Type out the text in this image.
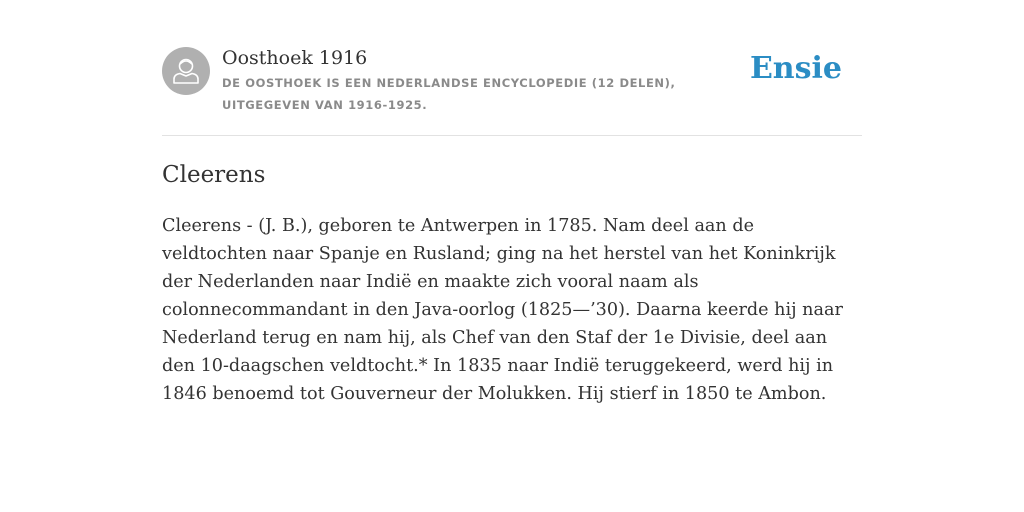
Oosthoek 1916
DE OOSTHOEK IS EEN NEDERLANDSE ENCYCLOPEDIE (12 DELEN), UITGEGEVEN VAN 1916-1925.
Ensie
Cleerens

Cleerens - (J. B.), geboren te Antwerpen in 1785. Nam deel aan de veldtochten naar Spanje en Rusland; ging na het herstel van het Koninkrijk der Nederlanden naar Indië en maakte zich vooral naam als colonnecommandant in den Java-oorlog (1825—’30). Daarna keerde hij naar Nederland terug en nam hij, als Chef van den Staf der 1e Divisie, deel aan den 10-daagschen veldtocht.* In 1835 naar Indië teruggekeerd, werd hij in 1846 benoemd tot Gouverneur der Molukken. Hij stierf in 1850 te Ambon.
